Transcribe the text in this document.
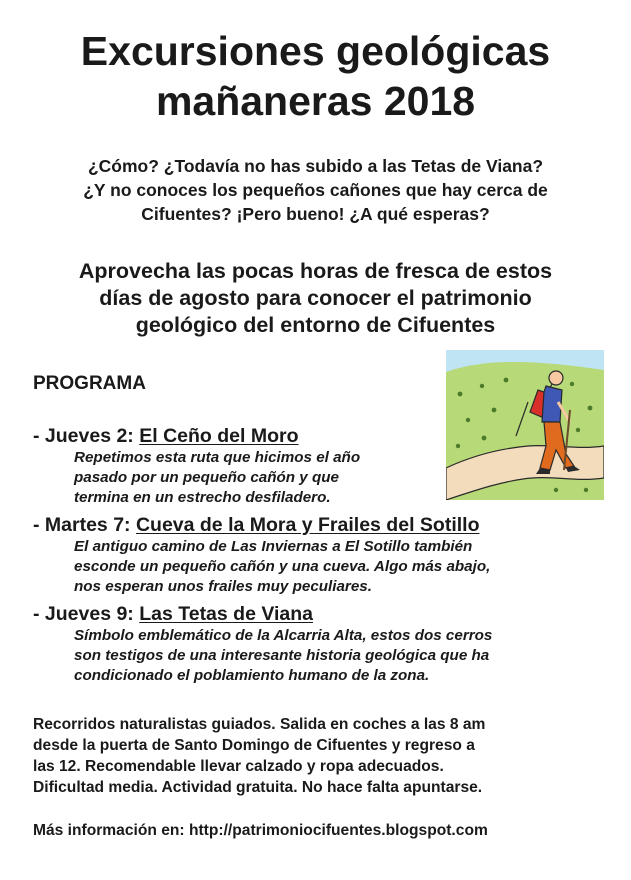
Excursiones geológicas
mañaneras 2018
¿Cómo? ¿Todavía no has subido a las Tetas de Viana?
¿Y no conoces los pequeños cañones que hay cerca de
Cifuentes? ¡Pero bueno! ¿A qué esperas?
Aprovecha las pocas horas de fresca de estos
días de agosto para conocer el patrimonio
geológico del entorno de Cifuentes
PROGRAMA
- Jueves 2: El Ceño del Moro
Repetimos esta ruta que hicimos el año
pasado por un pequeño cañón y que
termina en un estrecho desfiladero.
- Martes 7: Cueva de la Mora y Frailes del Sotillo
El antiguo camino de Las Inviernas a El Sotillo también
esconde un pequeño cañón y una cueva. Algo más abajo,
nos esperan unos frailes muy peculiares.
- Jueves 9: Las Tetas de Viana
Símbolo emblemático de la Alcarria Alta, estos dos cerros
son testigos de una interesante historia geológica que ha
condicionado el poblamiento humano de la zona.
Recorridos naturalistas guiados. Salida en coches a las 8 am
desde la puerta de Santo Domingo de Cifuentes y regreso a
las 12. Recomendable llevar calzado y ropa adecuados.
Dificultad media. Actividad gratuita. No hace falta apuntarse.
Más información en: http://patrimoniocifuentes.blogspot.com
